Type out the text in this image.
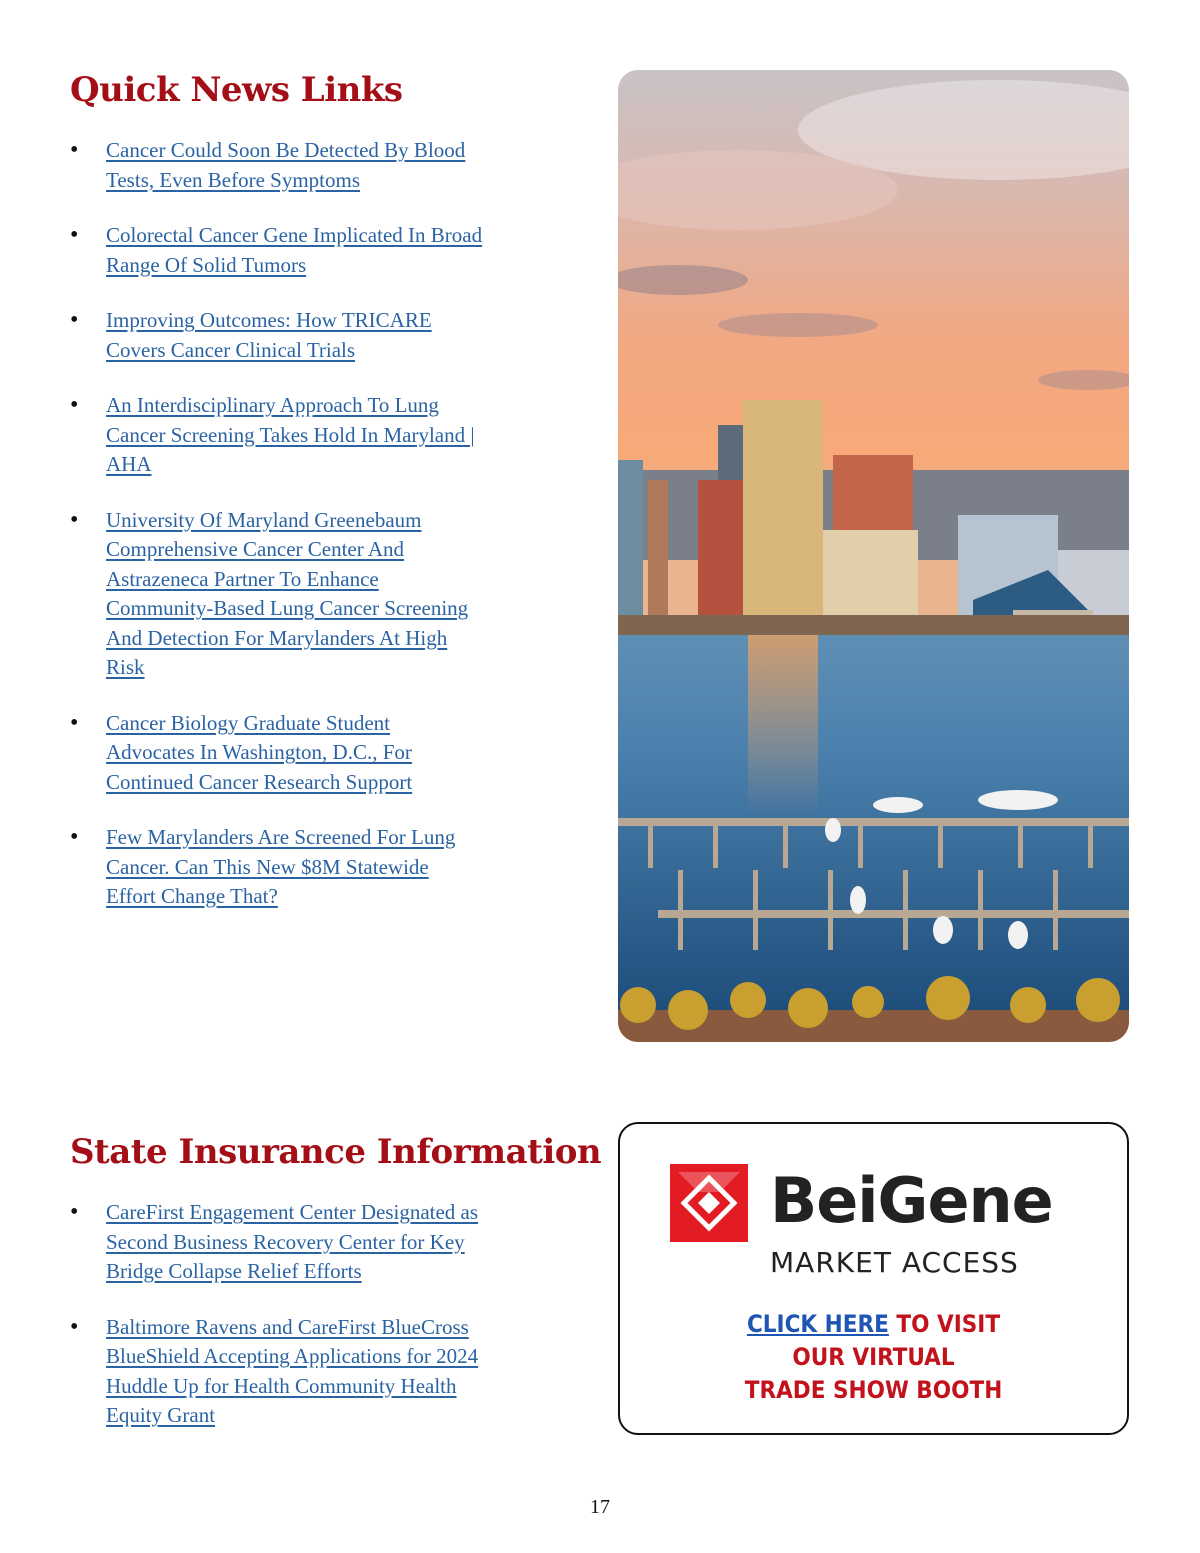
Quick News Links
• Cancer Could Soon Be Detected By Blood Tests, Even Before Symptoms
• Colorectal Cancer Gene Implicated In Broad Range Of Solid Tumors
• Improving Outcomes: How TRICARE Covers Cancer Clinical Trials
• An Interdisciplinary Approach To Lung Cancer Screening Takes Hold In Maryland | AHA
• University Of Maryland Greenebaum Comprehensive Cancer Center And Astrazeneca Partner To Enhance Community-Based Lung Cancer Screening And Detection For Marylanders At High Risk
• Cancer Biology Graduate Student Advocates In Washington, D.C., For Continued Cancer Research Support
• Few Marylanders Are Screened For Lung Cancer. Can This New $8M Statewide Effort Change That?
State Insurance Information
• CareFirst Engagement Center Designated as Second Business Recovery Center for Key Bridge Collapse Relief Efforts
• Baltimore Ravens and CareFirst BlueCross BlueShield Accepting Applications for 2024 Huddle Up for Health Community Health Equity Grant
BeiGene
MARKET ACCESS
CLICK HERE TO VISIT
OUR VIRTUAL
TRADE SHOW BOOTH
17
